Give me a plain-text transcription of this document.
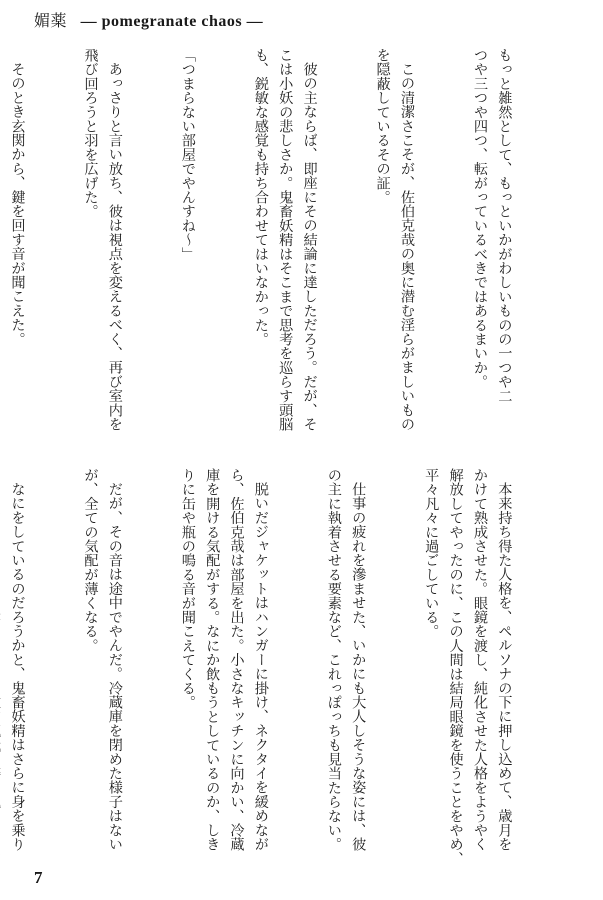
媚薬 — pomegranate chaos —

もっと雑然として、もっといかがわしいものの一つや二
つや三つや四つ、転がっているべきではあるまいか。

この清潔さこそが、佐伯克哉の奥に潜む淫らがましいもの
を隠蔽しているその証。

彼の主ならば、即座にその結論に達しただろう。だが、そ
こは小妖の悲しさか。鬼畜妖精はそこまで思考を巡らす頭脳
も、鋭敏な感覚も持ち合わせてはいなかった。

「つまらない部屋でやんすね〜」

あっさりと言い放ち、彼は視点を変えるべく、再び室内を
飛び回ろうと羽を広げた。

そのとき玄関から、鍵を回す音が聞こえた。

本来持ち得た人格を、ペルソナの下に押し込めて、歳月を
かけて熟成させた。眼鏡を渡し、純化させた人格をようやく
解放してやったのに、この人間は結局眼鏡を使うことをやめ、
平々凡々に過ごしている。

仕事の疲れを滲ませた、いかにも大人しそうな姿には、彼
の主に執着させる要素など、これっぽっちも見当たらない。

脱いだジャケットはハンガーに掛け、ネクタイを緩めなが
ら、佐伯克哉は部屋を出た。小さなキッチンに向かい、冷蔵
庫を開ける気配がする。なにか飲もうとしているのか、しき
りに缶や瓶の鳴る音が聞こえてくる。

だが、その音は途中でやんだ。冷蔵庫を閉めた様子はない
が、全ての気配が薄くなる。

なにをしているのだろうかと、鬼畜妖精はさらに身を乗り

7
